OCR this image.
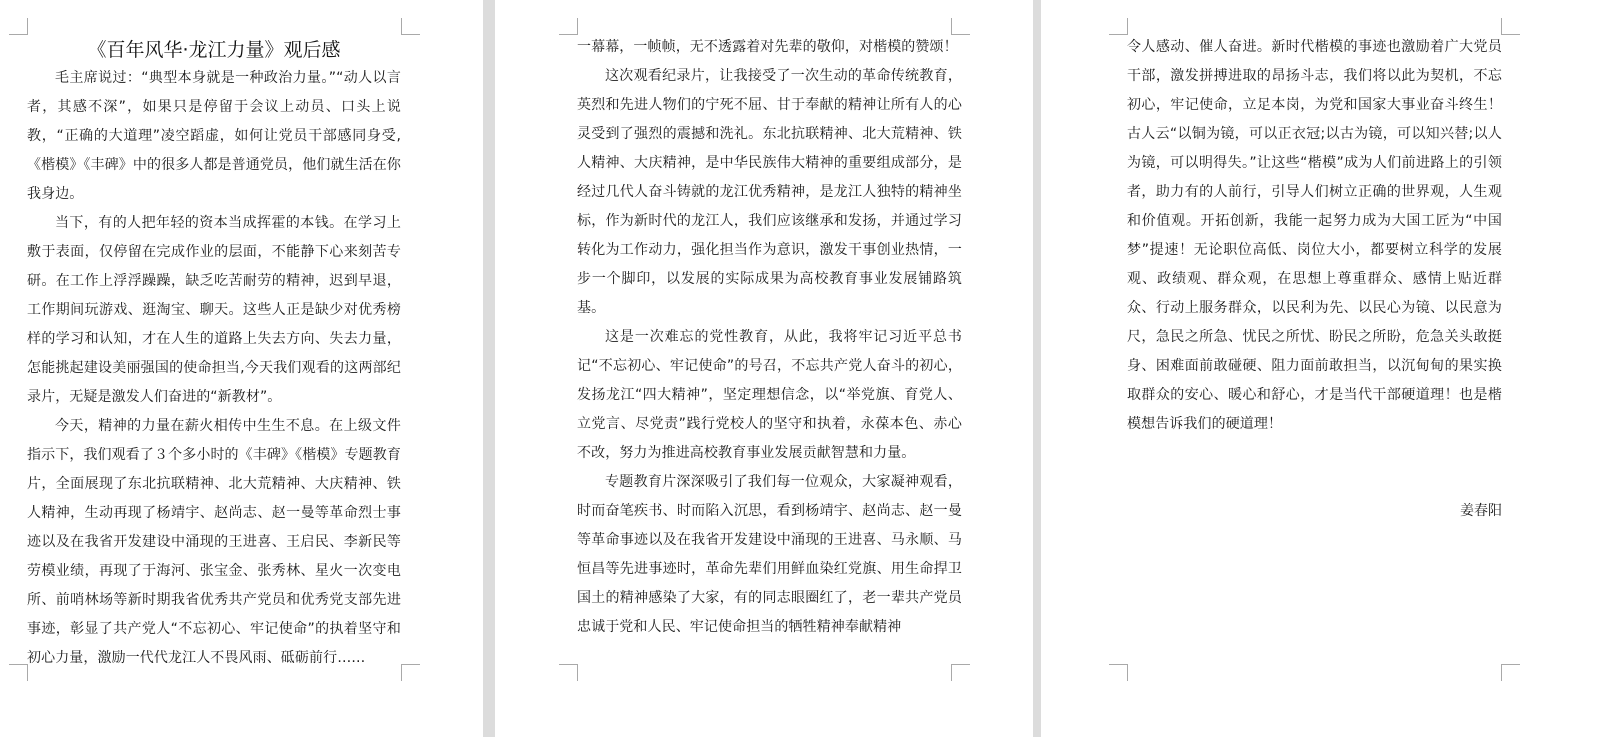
《百年风华·龙江力量》观后感

毛主席说过：“典型本身就是一种政治力量。”“动人以言者，其感不深”，如果只是停留于会议上动员、口头上说教，“正确的大道理”凌空蹈虚，如何让党员干部感同身受,《楷模》《丰碑》中的很多人都是普通党员，他们就生活在你我身边。

当下，有的人把年轻的资本当成挥霍的本钱。在学习上敷于表面，仅停留在完成作业的层面，不能静下心来刻苦专研。在工作上浮浮躁躁，缺乏吃苦耐劳的精神，迟到早退，工作期间玩游戏、逛淘宝、聊天。这些人正是缺少对优秀榜样的学习和认知，才在人生的道路上失去方向、失去力量，怎能挑起建设美丽强国的使命担当,今天我们观看的这两部纪录片，无疑是激发人们奋进的“新教材”。

今天，精神的力量在薪火相传中生生不息。在上级文件指示下，我们观看了３个多小时的《丰碑》《楷模》专题教育片，全面展现了东北抗联精神、北大荒精神、大庆精神、铁人精神，生动再现了杨靖宇、赵尚志、赵一曼等革命烈士事迹以及在我省开发建设中涌现的王进喜、王启民、李新民等劳模业绩，再现了于海河、张宝金、张秀林、星火一次变电所、前哨林场等新时期我省优秀共产党员和优秀党支部先进事迹，彰显了共产党人“不忘初心、牢记使命”的执着坚守和初心力量，激励一代代龙江人不畏风雨、砥砺前行……

一幕幕，一帧帧，无不透露着对先辈的敬仰，对楷模的赞颂！

这次观看纪录片，让我接受了一次生动的革命传统教育，英烈和先进人物们的宁死不屈、甘于奉献的精神让所有人的心灵受到了强烈的震撼和洗礼。东北抗联精神、北大荒精神、铁人精神、大庆精神，是中华民族伟大精神的重要组成部分，是经过几代人奋斗铸就的龙江优秀精神，是龙江人独特的精神坐标，作为新时代的龙江人，我们应该继承和发扬，并通过学习转化为工作动力，强化担当作为意识，激发干事创业热情，一步一个脚印，以发展的实际成果为高校教育事业发展铺路筑基。

这是一次难忘的党性教育，从此，我将牢记习近平总书记“不忘初心、牢记使命”的号召，不忘共产党人奋斗的初心，发扬龙江“四大精神”，坚定理想信念，以“举党旗、育党人、立党言、尽党责”践行党校人的坚守和执着，永葆本色、赤心不改，努力为推进高校教育事业发展贡献智慧和力量。

专题教育片深深吸引了我们每一位观众，大家凝神观看，时而奋笔疾书、时而陷入沉思，看到杨靖宇、赵尚志、赵一曼等革命事迹以及在我省开发建设中涌现的王进喜、马永顺、马恒昌等先进事迹时，革命先辈们用鲜血染红党旗、用生命捍卫国土的精神感染了大家，有的同志眼圈红了，老一辈共产党员忠诚于党和人民、牢记使命担当的牺牲精神奉献精神

令人感动、催人奋进。新时代楷模的事迹也激励着广大党员干部，激发拼搏进取的昂扬斗志，我们将以此为契机，不忘初心，牢记使命，立足本岗，为党和国家大事业奋斗终生！古人云“以铜为镜，可以正衣冠;以古为镜，可以知兴替;以人为镜，可以明得失。”让这些“楷模”成为人们前进路上的引领者，助力有的人前行，引导人们树立正确的世界观，人生观和价值观。开拓创新，我能一起努力成为大国工匠为“中国梦”提速！无论职位高低、岗位大小，都要树立科学的发展观、政绩观、群众观，在思想上尊重群众、感情上贴近群众、行动上服务群众，以民利为先、以民心为镜、以民意为尺，急民之所急、忧民之所忧、盼民之所盼，危急关头敢挺身、困难面前敢碰硬、阻力面前敢担当，以沉甸甸的果实换取群众的安心、暖心和舒心，才是当代干部硬道理！也是楷模想告诉我们的硬道理！

姜春阳
